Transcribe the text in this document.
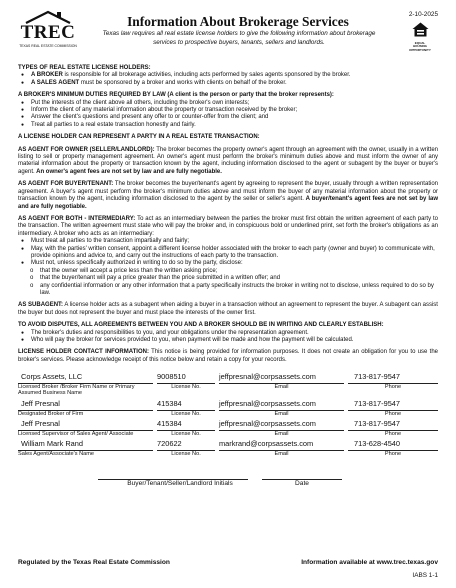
TREC
TEXAS REAL ESTATE COMMISSION
Information About Brokerage Services
Texas law requires all real estate license holders to give the following information about brokerage services to prospective buyers, tenants, sellers and landlords.
2-10-2025
EQUAL HOUSING OPPORTUNITY
TYPES OF REAL ESTATE LICENSE HOLDERS:
● A BROKER is responsible for all brokerage activities, including acts performed by sales agents sponsored by the broker.
● A SALES AGENT must be sponsored by a broker and works with clients on behalf of the broker.
A BROKER'S MINIMUM DUTIES REQUIRED BY LAW (A client is the person or party that the broker represents):
● Put the interests of the client above all others, including the broker's own interests;
● Inform the client of any material information about the property or transaction received by the broker;
● Answer the client's questions and present any offer to or counter-offer from the client; and
● Treat all parties to a real estate transaction honestly and fairly.
A LICENSE HOLDER CAN REPRESENT A PARTY IN A REAL ESTATE TRANSACTION:
AS AGENT FOR OWNER (SELLER/LANDLORD): The broker becomes the property owner's agent through an agreement with the owner, usually in a written listing to sell or property management agreement. An owner's agent must perform the broker's minimum duties above and must inform the owner of any material information about the property or transaction known by the agent, including information disclosed to the agent or subagent by the buyer or buyer's agent. An owner's agent fees are not set by law and are fully negotiable.
AS AGENT FOR BUYER/TENANT: The broker becomes the buyer/tenant's agent by agreeing to represent the buyer, usually through a written representation agreement. A buyer's agent must perform the broker's minimum duties above and must inform the buyer of any material information about the property or transaction known by the agent, including information disclosed to the agent by the seller or seller's agent. A buyer/tenant's agent fees are not set by law and are fully negotiable.
AS AGENT FOR BOTH - INTERMEDIARY: To act as an intermediary between the parties the broker must first obtain the written agreement of each party to the transaction. The written agreement must state who will pay the broker and, in conspicuous bold or underlined print, set forth the broker's obligations as an intermediary. A broker who acts as an intermediary:
● Must treat all parties to the transaction impartially and fairly;
● May, with the parties' written consent, appoint a different license holder associated with the broker to each party (owner and buyer) to communicate with, provide opinions and advice to, and carry out the instructions of each party to the transaction.
● Must not, unless specifically authorized in writing to do so by the party, disclose:
o that the owner will accept a price less than the written asking price;
o that the buyer/tenant will pay a price greater than the price submitted in a written offer; and
o any confidential information or any other information that a party specifically instructs the broker in writing not to disclose, unless required to do so by law.
AS SUBAGENT: A license holder acts as a subagent when aiding a buyer in a transaction without an agreement to represent the buyer. A subagent can assist the buyer but does not represent the buyer and must place the interests of the owner first.
TO AVOID DISPUTES, ALL AGREEMENTS BETWEEN YOU AND A BROKER SHOULD BE IN WRITING AND CLEARLY ESTABLISH:
● The broker's duties and responsibilities to you, and your obligations under the representation agreement.
● Who will pay the broker for services provided to you, when payment will be made and how the payment will be calculated.
LICENSE HOLDER CONTACT INFORMATION: This notice is being provided for information purposes. It does not create an obligation for you to use the broker's services. Please acknowledge receipt of this notice below and retain a copy for your records.
Corps Assets, LLC	9008510	jeffpresnal@corpsassets.com	713-817-9547
Licensed Broker /Broker Firm Name or Primary Assumed Business Name
License No.	Email	Phone
Jeff Presnal	415384	jeffpresnal@corpsassets.com	713-817-9547
Designated Broker of Firm	License No.	Email	Phone
Jeff Presnal	415384	jeffpresnal@corpsassets.com	713-817-9547
Licensed Supervisor of Sales Agent/ Associate	License No.	Email	Phone
William Mark Rand	720622	markrand@corpsassets.com	713-628-4540
Sales Agent/Associate's Name	License No.	Email	Phone
Buyer/Tenant/Seller/Landlord Initials	Date
Regulated by the Texas Real Estate Commission	Information available at www.trec.texas.gov
IABS 1-1
